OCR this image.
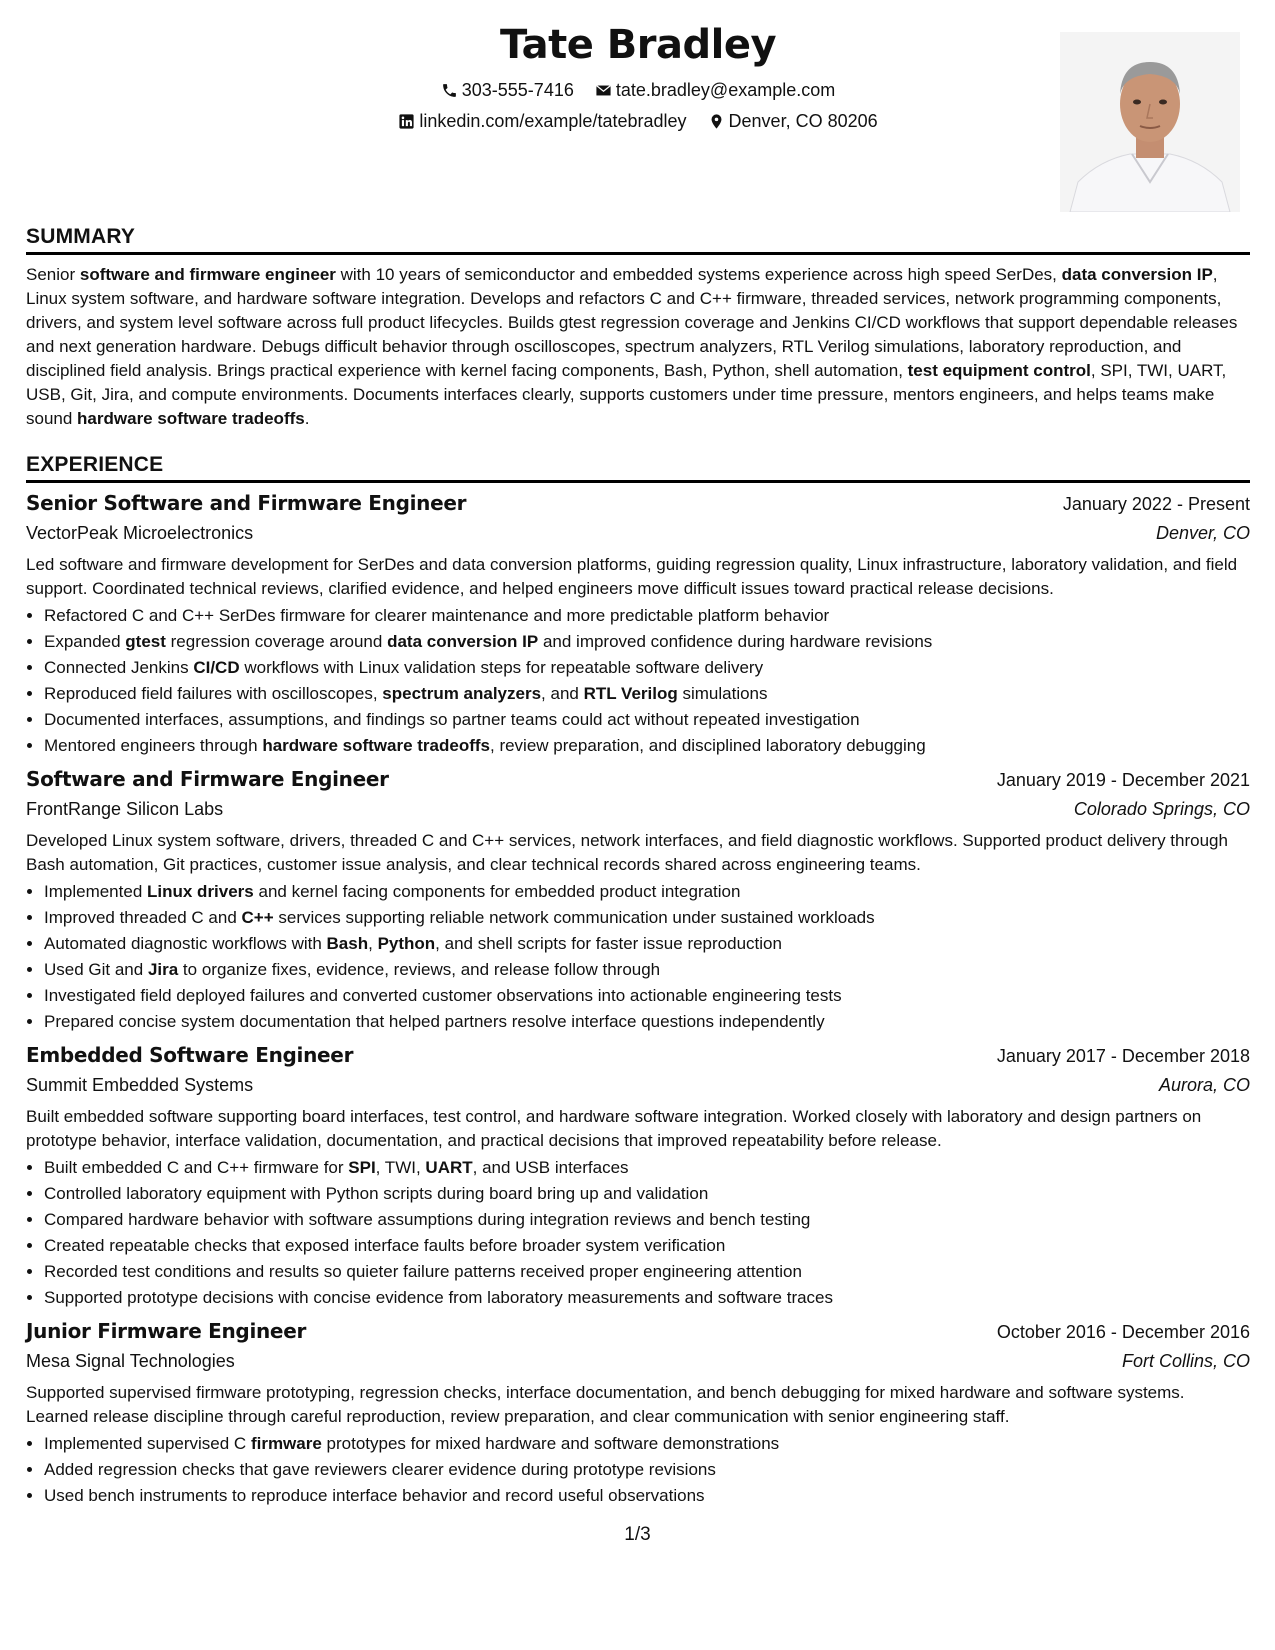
Tate Bradley
303-555-7416
tate.bradley@example.com
linkedin.com/example/tatebradley
Denver, CO 80206
SUMMARY
Senior software and firmware engineer with 10 years of semiconductor and embedded systems experience across high speed SerDes, data conversion IP, Linux system software, and hardware software integration. Develops and refactors C and C++ firmware, threaded services, network programming components, drivers, and system level software across full product lifecycles. Builds gtest regression coverage and Jenkins CI/CD workflows that support dependable releases and next generation hardware. Debugs difficult behavior through oscilloscopes, spectrum analyzers, RTL Verilog simulations, laboratory reproduction, and disciplined field analysis. Brings practical experience with kernel facing components, Bash, Python, shell automation, test equipment control, SPI, TWI, UART, USB, Git, Jira, and compute environments. Documents interfaces clearly, supports customers under time pressure, mentors engineers, and helps teams make sound hardware software tradeoffs.
EXPERIENCE
Senior Software and Firmware Engineer	January 2022 - Present
VectorPeak Microelectronics	Denver, CO
Led software and firmware development for SerDes and data conversion platforms, guiding regression quality, Linux infrastructure, laboratory validation, and field support. Coordinated technical reviews, clarified evidence, and helped engineers move difficult issues toward practical release decisions.
• Refactored C and C++ SerDes firmware for clearer maintenance and more predictable platform behavior
• Expanded gtest regression coverage around data conversion IP and improved confidence during hardware revisions
• Connected Jenkins CI/CD workflows with Linux validation steps for repeatable software delivery
• Reproduced field failures with oscilloscopes, spectrum analyzers, and RTL Verilog simulations
• Documented interfaces, assumptions, and findings so partner teams could act without repeated investigation
• Mentored engineers through hardware software tradeoffs, review preparation, and disciplined laboratory debugging
Software and Firmware Engineer	January 2019 - December 2021
FrontRange Silicon Labs	Colorado Springs, CO
Developed Linux system software, drivers, threaded C and C++ services, network interfaces, and field diagnostic workflows. Supported product delivery through Bash automation, Git practices, customer issue analysis, and clear technical records shared across engineering teams.
• Implemented Linux drivers and kernel facing components for embedded product integration
• Improved threaded C and C++ services supporting reliable network communication under sustained workloads
• Automated diagnostic workflows with Bash, Python, and shell scripts for faster issue reproduction
• Used Git and Jira to organize fixes, evidence, reviews, and release follow through
• Investigated field deployed failures and converted customer observations into actionable engineering tests
• Prepared concise system documentation that helped partners resolve interface questions independently
Embedded Software Engineer	January 2017 - December 2018
Summit Embedded Systems	Aurora, CO
Built embedded software supporting board interfaces, test control, and hardware software integration. Worked closely with laboratory and design partners on prototype behavior, interface validation, documentation, and practical decisions that improved repeatability before release.
• Built embedded C and C++ firmware for SPI, TWI, UART, and USB interfaces
• Controlled laboratory equipment with Python scripts during board bring up and validation
• Compared hardware behavior with software assumptions during integration reviews and bench testing
• Created repeatable checks that exposed interface faults before broader system verification
• Recorded test conditions and results so quieter failure patterns received proper engineering attention
• Supported prototype decisions with concise evidence from laboratory measurements and software traces
Junior Firmware Engineer	October 2016 - December 2016
Mesa Signal Technologies	Fort Collins, CO
Supported supervised firmware prototyping, regression checks, interface documentation, and bench debugging for mixed hardware and software systems. Learned release discipline through careful reproduction, review preparation, and clear communication with senior engineering staff.
• Implemented supervised C firmware prototypes for mixed hardware and software demonstrations
• Added regression checks that gave reviewers clearer evidence during prototype revisions
• Used bench instruments to reproduce interface behavior and record useful observations
1/3
